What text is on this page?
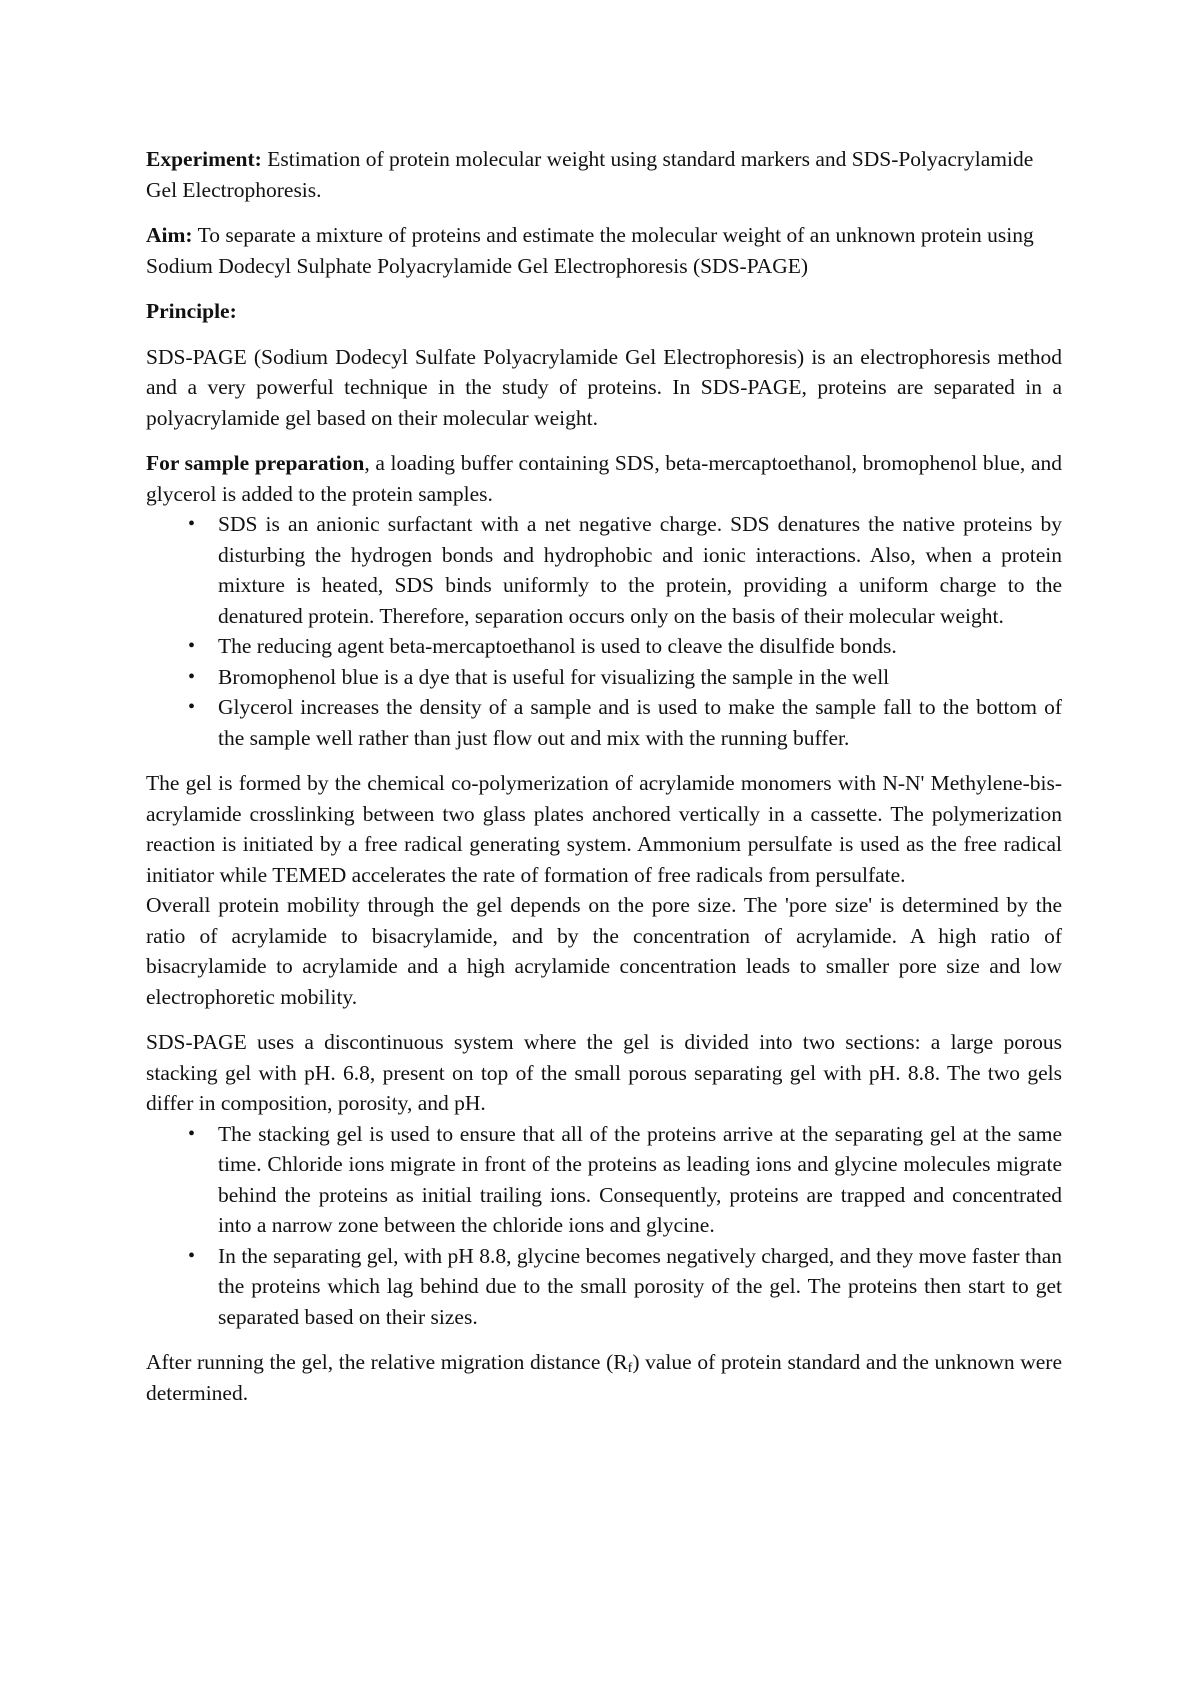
Experiment: Estimation of protein molecular weight using standard markers and SDS-Polyacrylamide Gel Electrophoresis.

Aim: To separate a mixture of proteins and estimate the molecular weight of an unknown protein using Sodium Dodecyl Sulphate Polyacrylamide Gel Electrophoresis (SDS-PAGE)

Principle:

SDS-PAGE (Sodium Dodecyl Sulfate Polyacrylamide Gel Electrophoresis) is an electrophoresis method and a very powerful technique in the study of proteins. In SDS-PAGE, proteins are separated in a polyacrylamide gel based on their molecular weight.

For sample preparation, a loading buffer containing SDS, beta-mercaptoethanol, bromophenol blue, and glycerol is added to the protein samples.

• SDS is an anionic surfactant with a net negative charge. SDS denatures the native proteins by disturbing the hydrogen bonds and hydrophobic and ionic interactions. Also, when a protein mixture is heated, SDS binds uniformly to the protein, providing a uniform charge to the denatured protein. Therefore, separation occurs only on the basis of their molecular weight.
• The reducing agent beta-mercaptoethanol is used to cleave the disulfide bonds.
• Bromophenol blue is a dye that is useful for visualizing the sample in the well
• Glycerol increases the density of a sample and is used to make the sample fall to the bottom of the sample well rather than just flow out and mix with the running buffer.

The gel is formed by the chemical co-polymerization of acrylamide monomers with N-N' Methylene-bis-acrylamide crosslinking between two glass plates anchored vertically in a cassette. The polymerization reaction is initiated by a free radical generating system. Ammonium persulfate is used as the free radical initiator while TEMED accelerates the rate of formation of free radicals from persulfate.

Overall protein mobility through the gel depends on the pore size. The 'pore size' is determined by the ratio of acrylamide to bisacrylamide, and by the concentration of acrylamide. A high ratio of bisacrylamide to acrylamide and a high acrylamide concentration leads to smaller pore size and low electrophoretic mobility.

SDS-PAGE uses a discontinuous system where the gel is divided into two sections: a large porous stacking gel with pH. 6.8, present on top of the small porous separating gel with pH. 8.8. The two gels differ in composition, porosity, and pH.

• The stacking gel is used to ensure that all of the proteins arrive at the separating gel at the same time. Chloride ions migrate in front of the proteins as leading ions and glycine molecules migrate behind the proteins as initial trailing ions. Consequently, proteins are trapped and concentrated into a narrow zone between the chloride ions and glycine.
• In the separating gel, with pH 8.8, glycine becomes negatively charged, and they move faster than the proteins which lag behind due to the small porosity of the gel. The proteins then start to get separated based on their sizes.

After running the gel, the relative migration distance $(R_f)$ value of protein standard and the unknown were determined.
